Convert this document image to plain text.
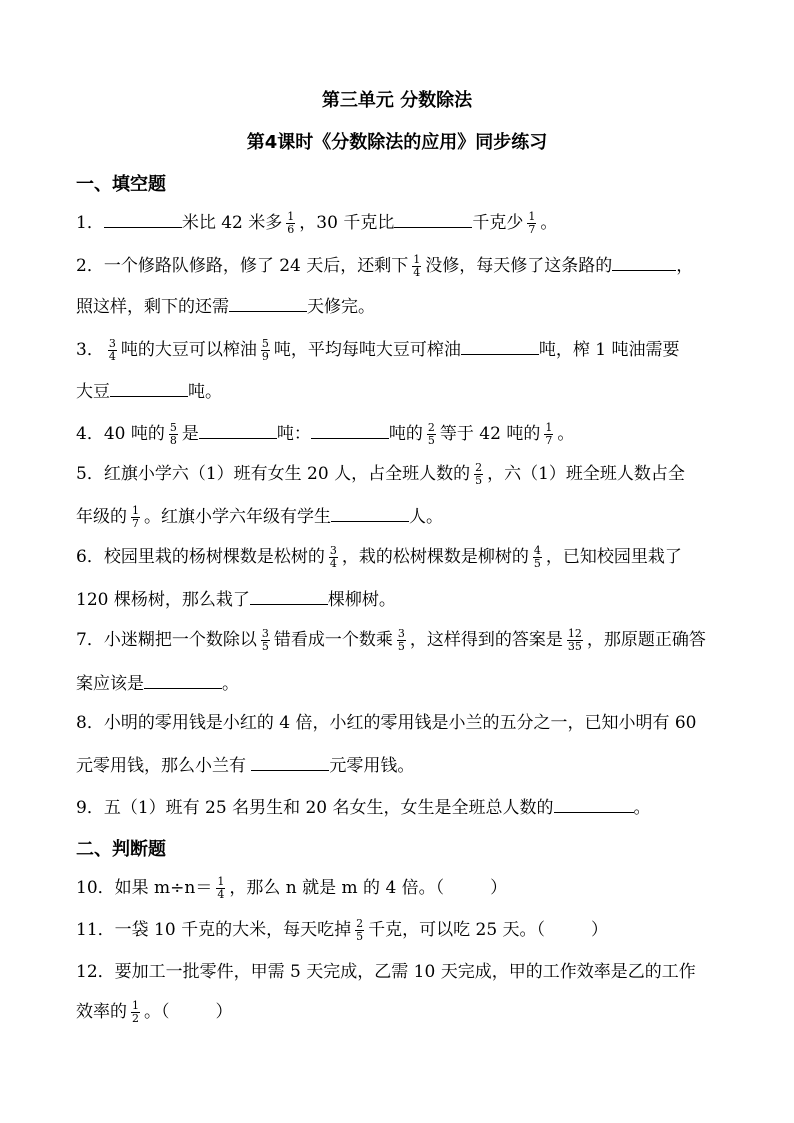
第三单元 分数除法
第4课时《分数除法的应用》同步练习
一、填空题
1．	米比 42 米多 $\frac{1}{6}$ ，30 千克比	千克少 $\frac{1}{7}$ 。
2．一个修路队修路，修了 24 天后，还剩下 $\frac{1}{4}$ 没修，每天修了这条路的	，
照这样，剩下的还需	天修完。
3． $\frac{3}{4}$ 吨的大豆可以榨油 $\frac{5}{9}$ 吨，平均每吨大豆可榨油	吨，榨 1 吨油需要
大豆	吨。
4．40 吨的 $\frac{5}{8}$ 是	吨：	吨的 $\frac{2}{5}$ 等于 42 吨的 $\frac{1}{7}$ 。
5．红旗小学六（1）班有女生 20 人，占全班人数的 $\frac{2}{5}$ ，六（1）班全班人数占全
年级的 $\frac{1}{7}$ 。红旗小学六年级有学生	人。
6．校园里栽的杨树棵数是松树的 $\frac{3}{4}$ ，栽的松树棵数是柳树的 $\frac{4}{5}$ ，已知校园里栽了
120 棵杨树，那么栽了	棵柳树。
7．小迷糊把一个数除以 $\frac{3}{5}$ 错看成一个数乘 $\frac{3}{5}$ ，这样得到的答案是 $\frac{12}{35}$ ，那原题正确答
案应该是	。
8．小明的零用钱是小红的 4 倍，小红的零用钱是小兰的五分之一，已知小明有 60
元零用钱，那么小兰有	元零用钱。
9．五（1）班有 25 名男生和 20 名女生，女生是全班总人数的	。
二、判断题
10．如果 $m\div n= \frac{1}{4}$ ，那么 n 就是 m 的 4 倍。（	）
11．一袋 10 千克的大米，每天吃掉 $\frac{2}{5}$ 千克，可以吃 25 天。（	）
12．要加工一批零件，甲需 5 天完成，乙需 10 天完成，甲的工作效率是乙的工作
效率的 $\frac{1}{2}$ 。（	）
